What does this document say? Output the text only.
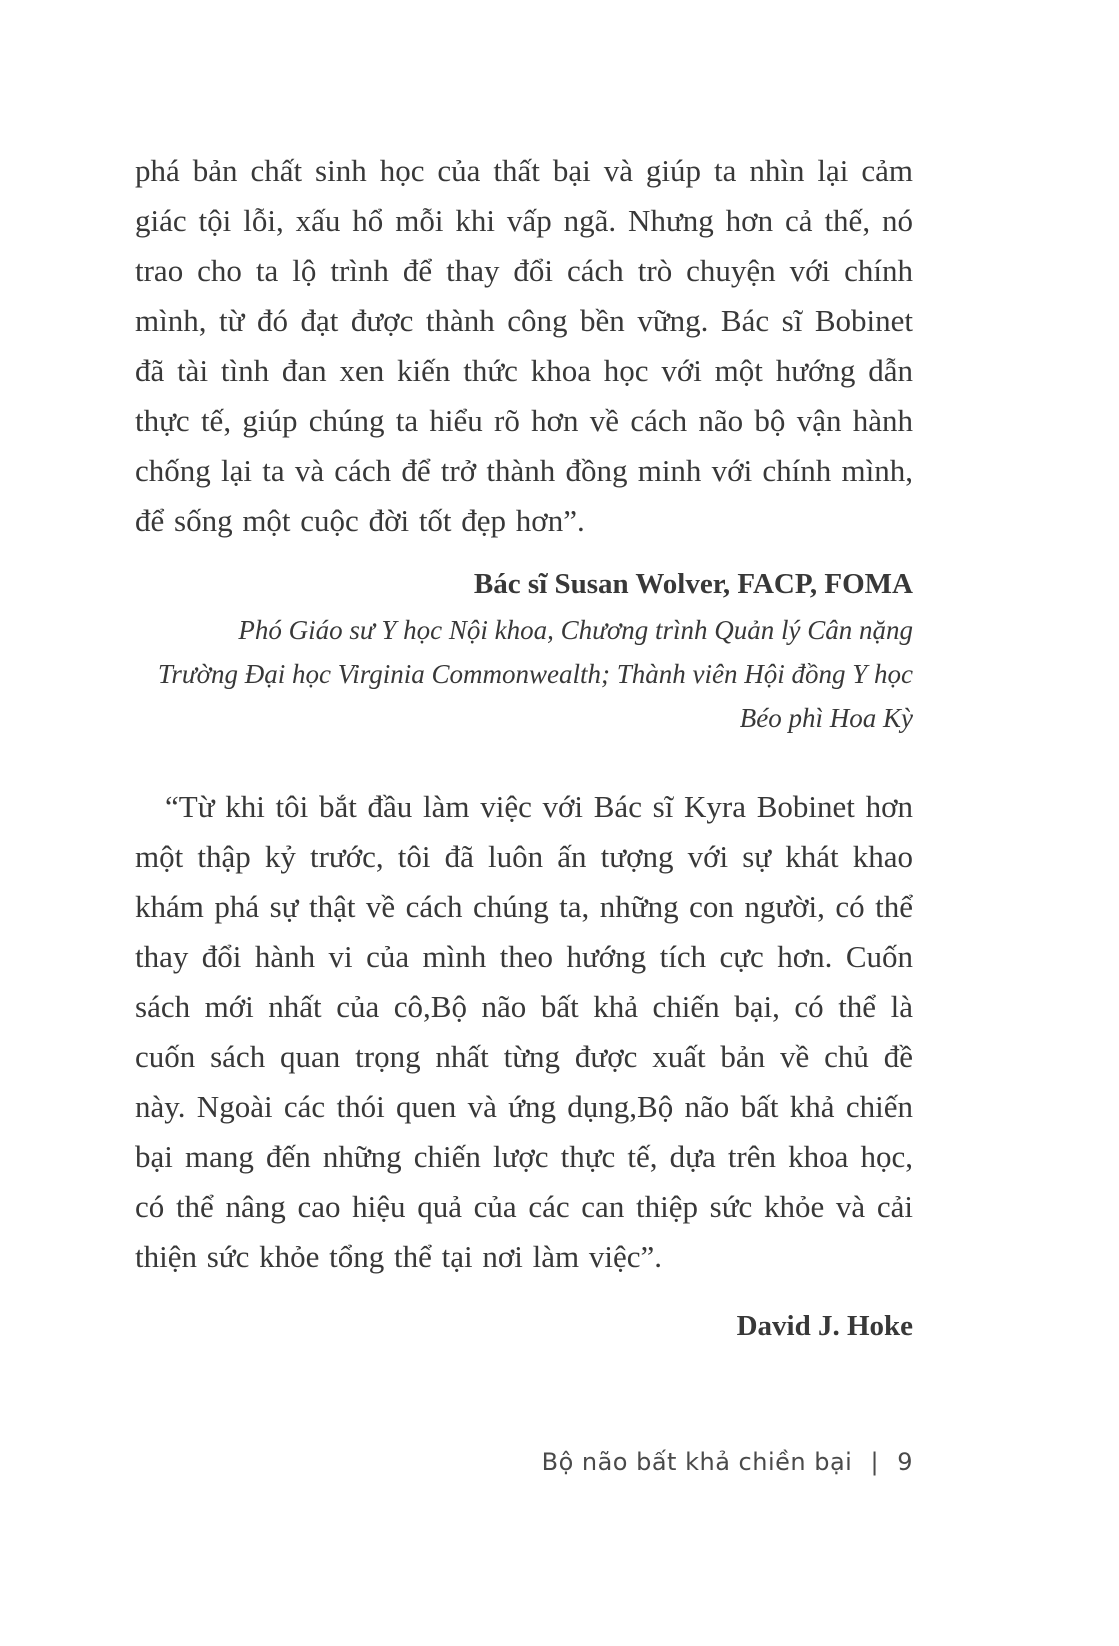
phá bản chất sinh học của thất bại và giúp ta nhìn lại cảm giác tội lỗi, xấu hổ mỗi khi vấp ngã. Nhưng hơn cả thế, nó trao cho ta lộ trình để thay đổi cách trò chuyện với chính mình, từ đó đạt được thành công bền vững. Bác sĩ Bobinet đã tài tình đan xen kiến thức khoa học với một hướng dẫn thực tế, giúp chúng ta hiểu rõ hơn về cách não bộ vận hành chống lại ta và cách để trở thành đồng minh với chính mình, để sống một cuộc đời tốt đẹp hơn”.

Bác sĩ Susan Wolver, FACP, FOMA
Phó Giáo sư Y học Nội khoa, Chương trình Quản lý Cân nặng
Trường Đại học Virginia Commonwealth; Thành viên Hội đồng Y học
Béo phì Hoa Kỳ

“Từ khi tôi bắt đầu làm việc với Bác sĩ Kyra Bobinet hơn một thập kỷ trước, tôi đã luôn ấn tượng với sự khát khao khám phá sự thật về cách chúng ta, những con người, có thể thay đổi hành vi của mình theo hướng tích cực hơn. Cuốn sách mới nhất của cô,Bộ não bất khả chiến bại, có thể là cuốn sách quan trọng nhất từng được xuất bản về chủ đề này. Ngoài các thói quen và ứng dụng,Bộ não bất khả chiến bại mang đến những chiến lược thực tế, dựa trên khoa học, có thể nâng cao hiệu quả của các can thiệp sức khỏe và cải thiện sức khỏe tổng thể tại nơi làm việc”.

David J. Hoke
Bộ não bất khả chiền bại | 9
